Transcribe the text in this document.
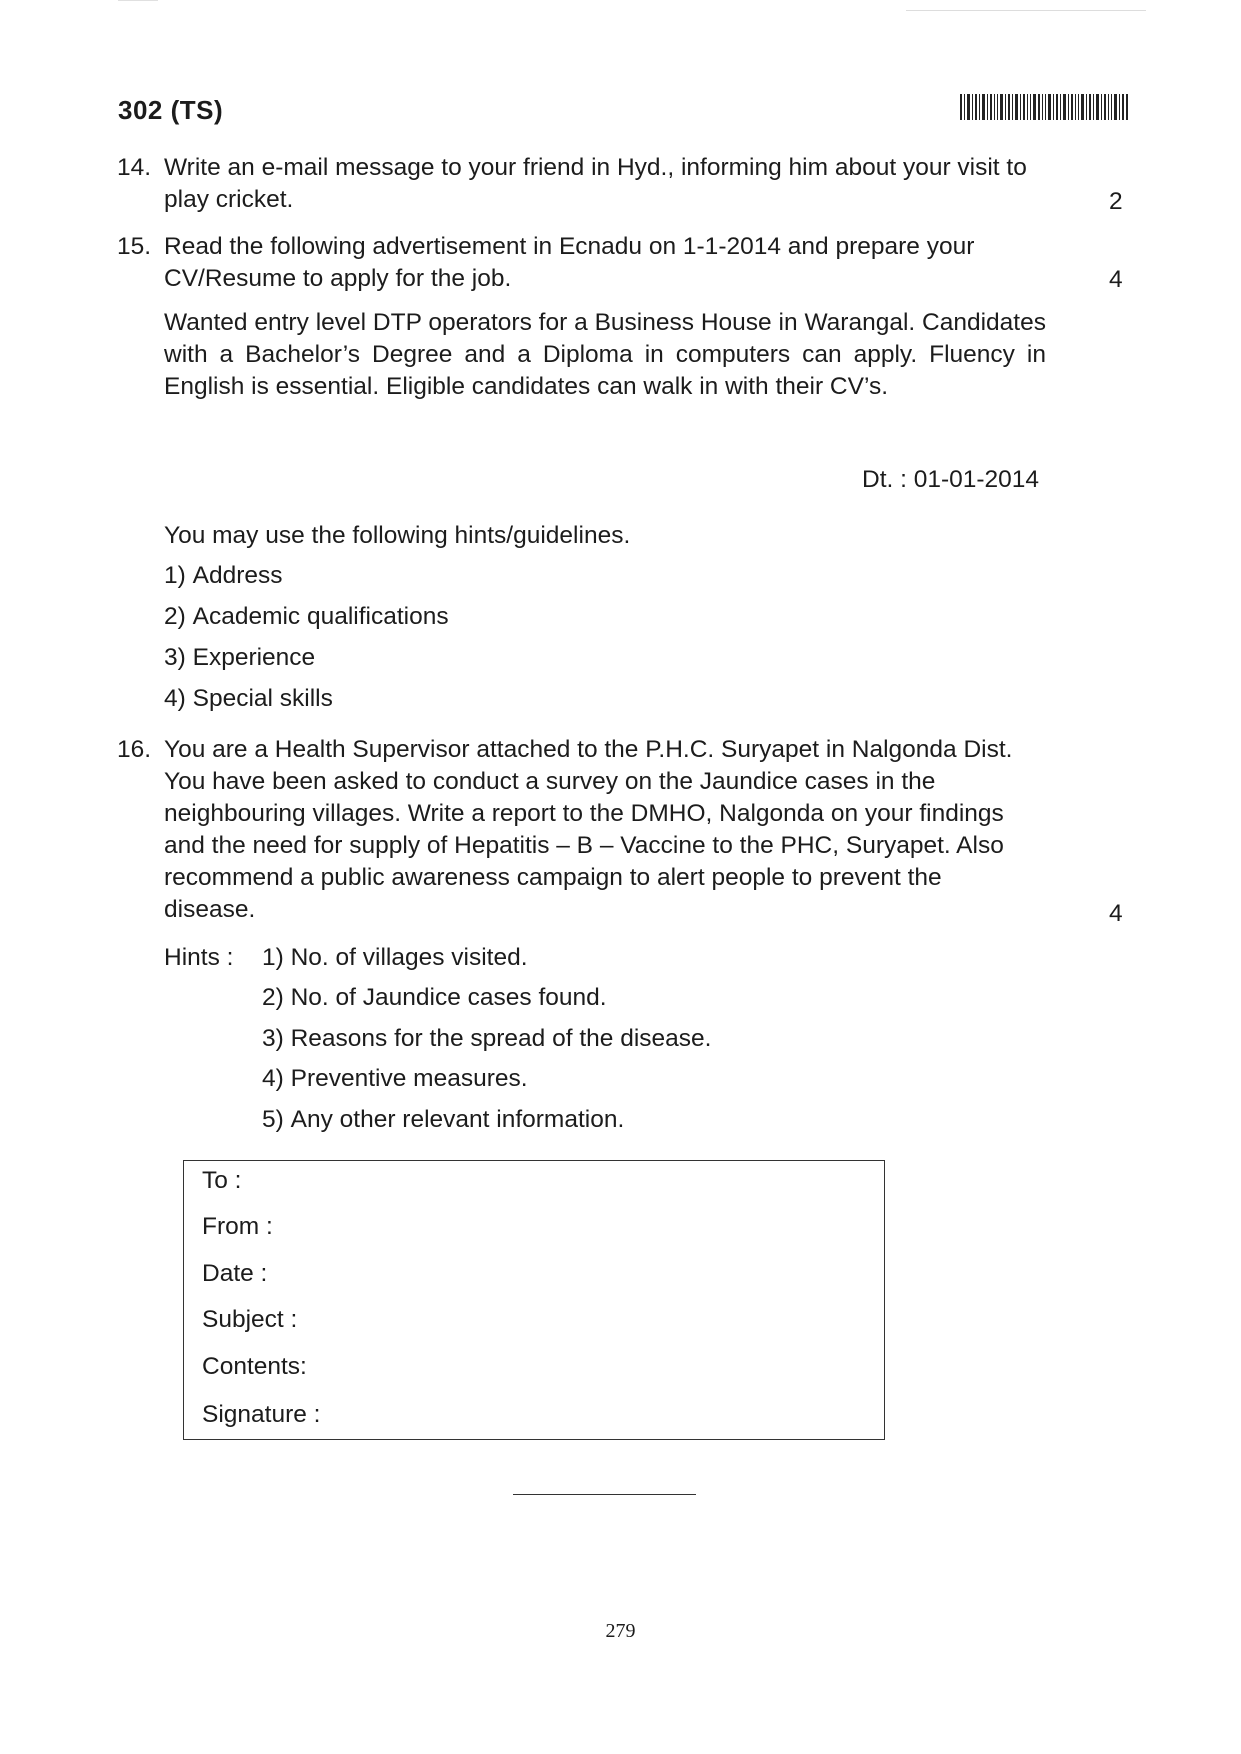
302 (TS)
14. Write an e-mail message to your friend in Hyd., informing him about your visit to
play cricket.	2
15. Read the following advertisement in Ecnadu on 1-1-2014 and prepare your
CV/Resume to apply for the job.	4
Wanted entry level DTP operators for a Business House in Warangal. Candidates with a Bachelor’s Degree and a Diploma in computers can apply. Fluency in English is essential. Eligible candidates can walk in with their CV’s.
Dt. : 01-01-2014
You may use the following hints/guidelines.
1) Address
2) Academic qualifications
3) Experience
4) Special skills
16. You are a Health Supervisor attached to the P.H.C. Suryapet in Nalgonda Dist.
You have been asked to conduct a survey on the Jaundice cases in the
neighbouring villages. Write a report to the DMHO, Nalgonda on your findings
and the need for supply of Hepatitis – B – Vaccine to the PHC, Suryapet. Also
recommend a public awareness campaign to alert people to prevent the
disease.	4
Hints : 1) No. of villages visited.
2) No. of Jaundice cases found.
3) Reasons for the spread of the disease.
4) Preventive measures.
5) Any other relevant information.
To :
From :
Date :
Subject :
Contents:
Signature :
279
